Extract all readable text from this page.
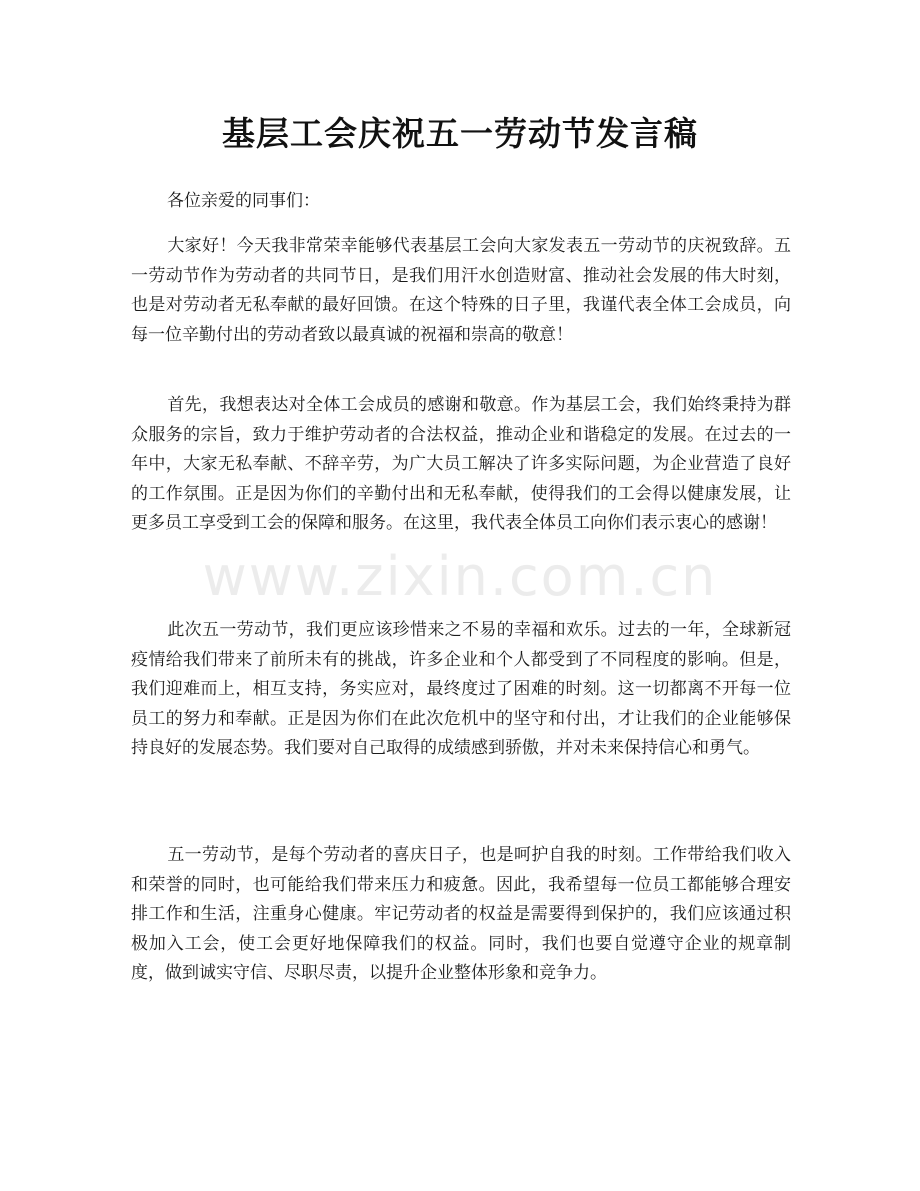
基层工会庆祝五一劳动节发言稿

各位亲爱的同事们：

大家好！今天我非常荣幸能够代表基层工会向大家发表五一劳动节的庆祝致辞。五一劳动节作为劳动者的共同节日，是我们用汗水创造财富、推动社会发展的伟大时刻，也是对劳动者无私奉献的最好回馈。在这个特殊的日子里，我谨代表全体工会成员，向每一位辛勤付出的劳动者致以最真诚的祝福和崇高的敬意！

首先，我想表达对全体工会成员的感谢和敬意。作为基层工会，我们始终秉持为群众服务的宗旨，致力于维护劳动者的合法权益，推动企业和谐稳定的发展。在过去的一年中，大家无私奉献、不辞辛劳，为广大员工解决了许多实际问题，为企业营造了良好的工作氛围。正是因为你们的辛勤付出和无私奉献，使得我们的工会得以健康发展，让更多员工享受到工会的保障和服务。在这里，我代表全体员工向你们表示衷心的感谢！

此次五一劳动节，我们更应该珍惜来之不易的幸福和欢乐。过去的一年，全球新冠疫情给我们带来了前所未有的挑战，许多企业和个人都受到了不同程度的影响。但是，我们迎难而上，相互支持，务实应对，最终度过了困难的时刻。这一切都离不开每一位员工的努力和奉献。正是因为你们在此次危机中的坚守和付出，才让我们的企业能够保持良好的发展态势。我们要对自己取得的成绩感到骄傲，并对未来保持信心和勇气。

五一劳动节，是每个劳动者的喜庆日子，也是呵护自我的时刻。工作带给我们收入和荣誉的同时，也可能给我们带来压力和疲惫。因此，我希望每一位员工都能够合理安排工作和生活，注重身心健康。牢记劳动者的权益是需要得到保护的，我们应该通过积极加入工会，使工会更好地保障我们的权益。同时，我们也要自觉遵守企业的规章制度，做到诚实守信、尽职尽责，以提升企业整体形象和竞争力。

www.zixin.com.cn
